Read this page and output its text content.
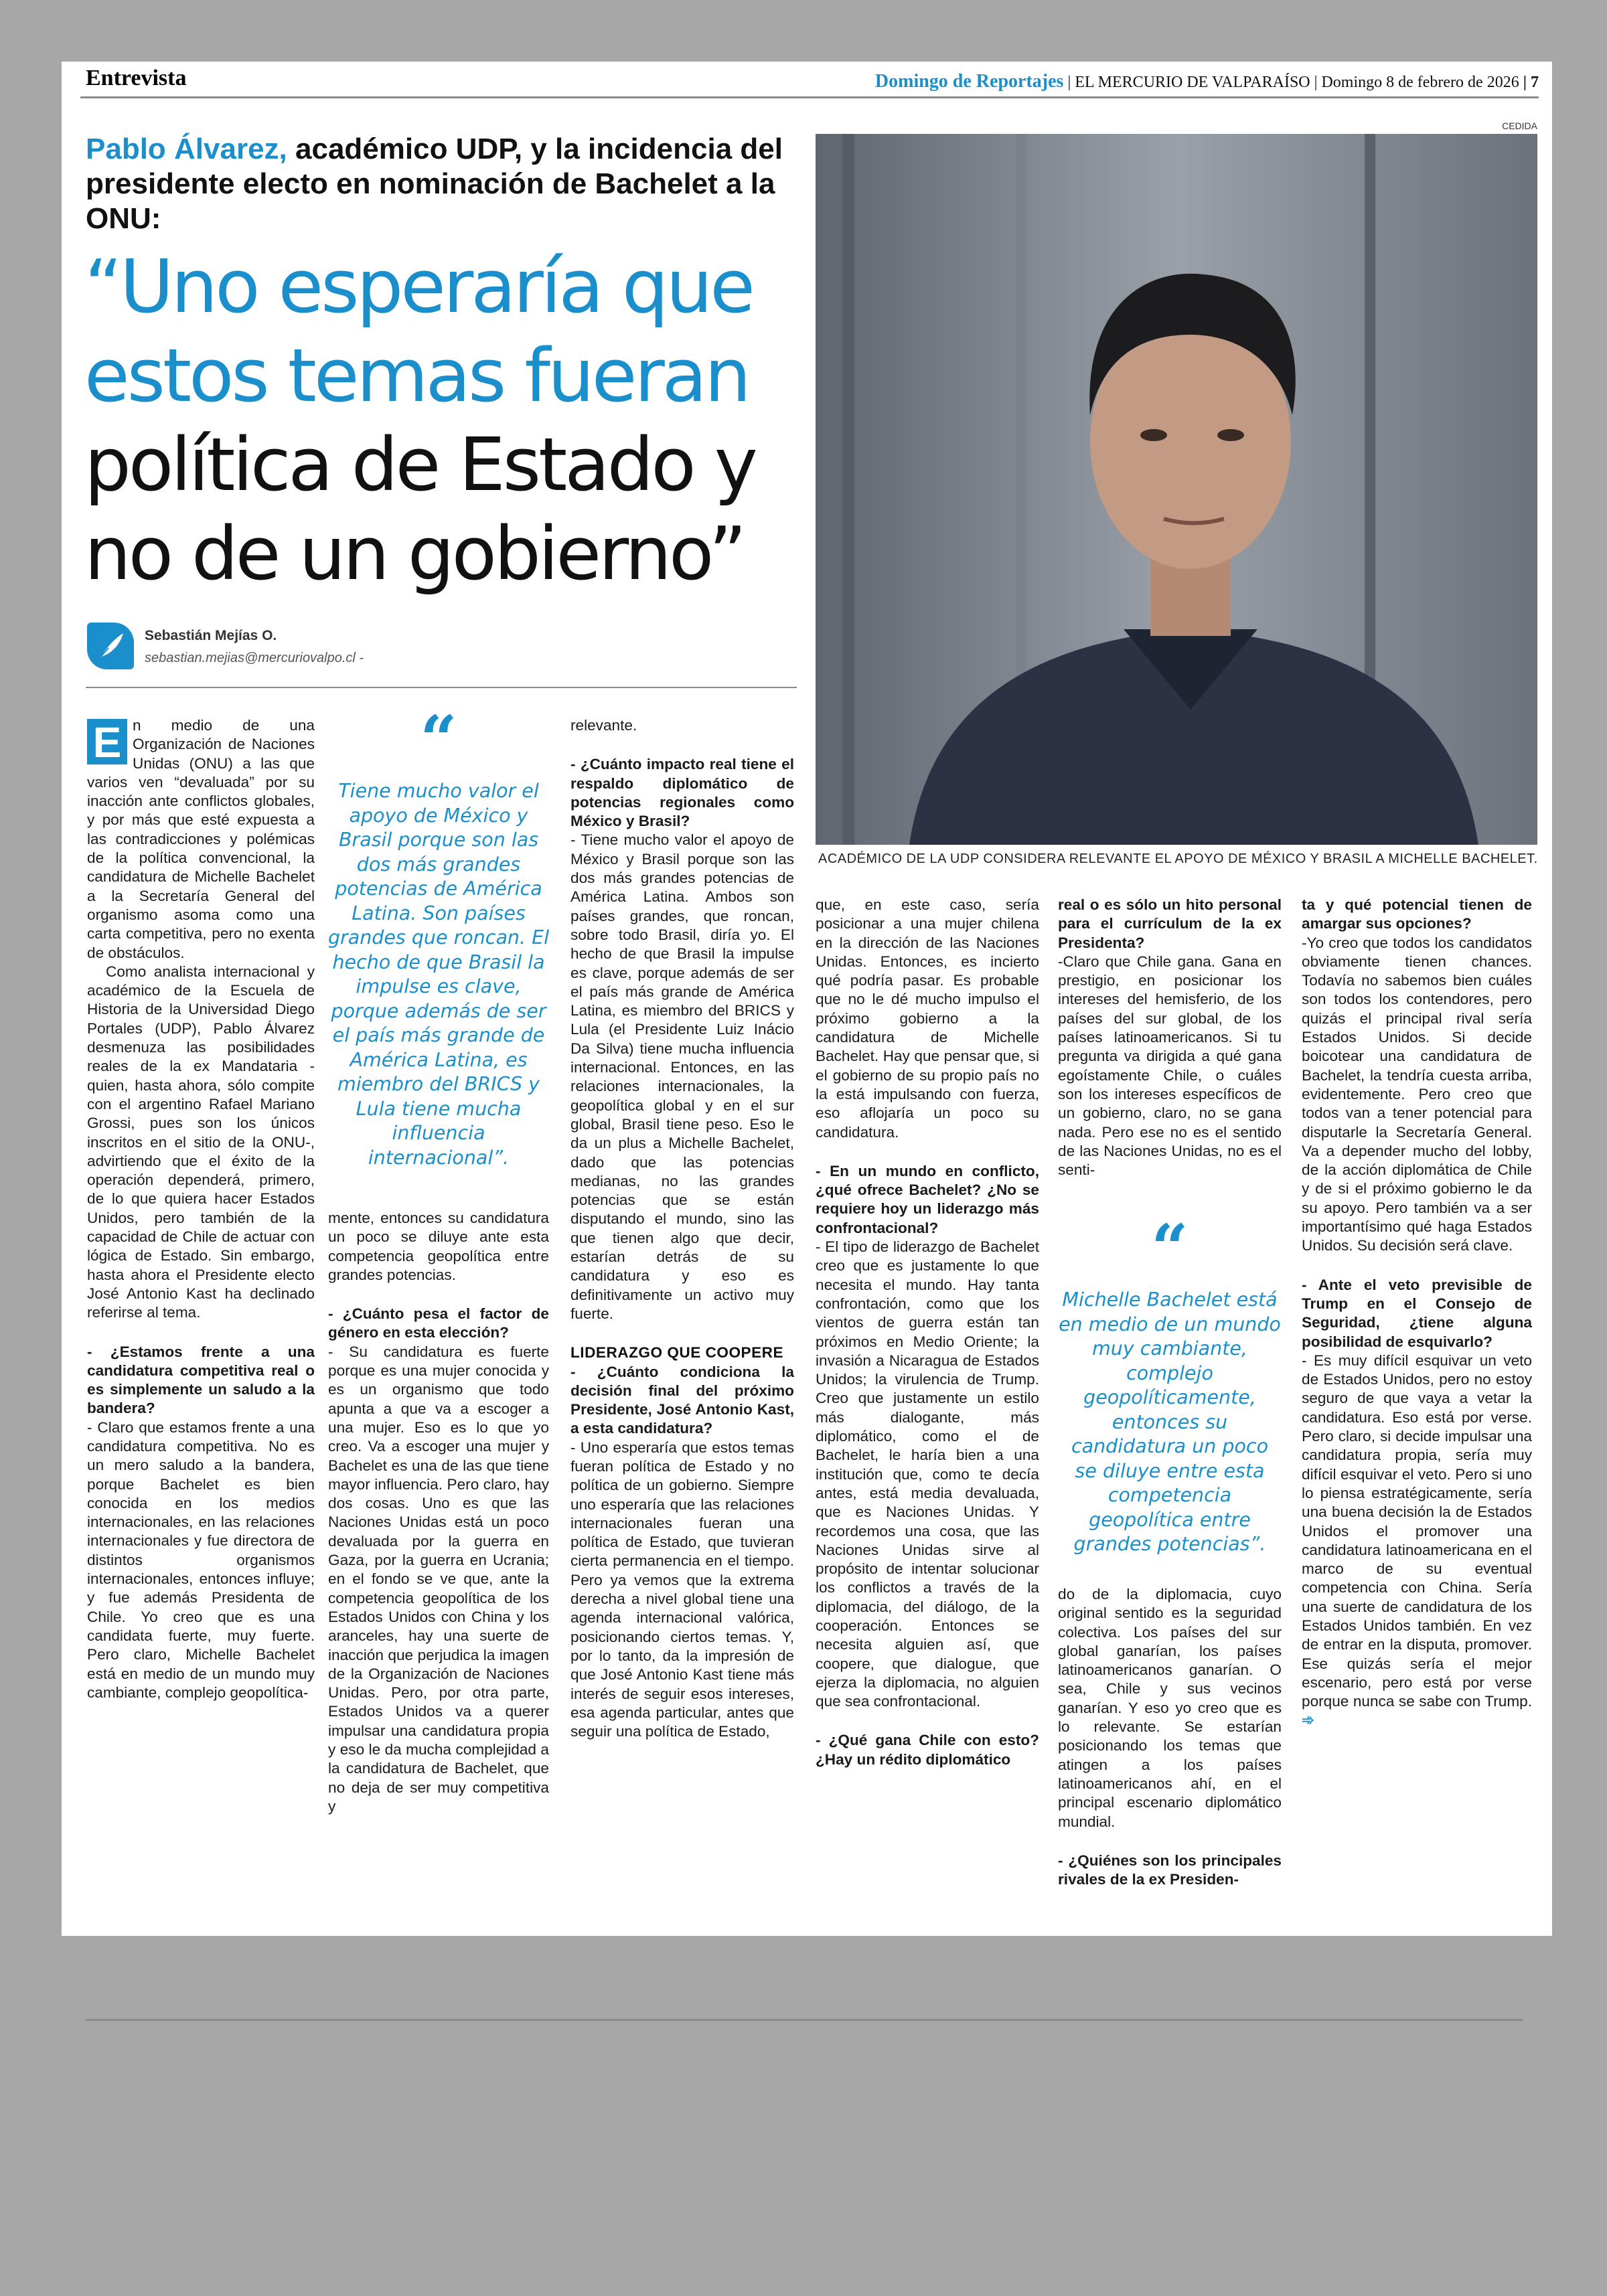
Entrevista	Domingo de Reportajes | EL MERCURIO DE VALPARAÍSO | Domingo 8 de febrero de 2026 | 7
Pablo Álvarez, académico UDP, y la incidencia del presidente electo en nominación de Bachelet a la ONU:
“Uno esperaría que
estos temas fueran
política de Estado y
no de un gobierno”
Sebastián Mejías O.
sebastian.mejias@mercuriovalpo.cl -
CEDIDA
ACADÉMICO DE LA UDP CONSIDERA RELEVANTE EL APOYO DE MÉXICO Y BRASIL A MICHELLE BACHELET.

E n medio de una Organización de Naciones Unidas (ONU) a las que varios ven “devaluada” por su inacción ante conflictos globales, y por más que esté expuesta a las contradicciones y polémicas de la política convencional, la candidatura de Michelle Bachelet a la Secretaría General del organismo asoma como una carta competitiva, pero no exenta de obstáculos.

Como analista internacional y académico de la Escuela de Historia de la Universidad Diego Portales (UDP), Pablo Álvarez desmenuza las posibilidades reales de la ex Mandataria -quien, hasta ahora, sólo compite con el argentino Rafael Mariano Grossi, pues son los únicos inscritos en el sitio de la ONU-, advirtiendo que el éxito de la operación dependerá, primero, de lo que quiera hacer Estados Unidos, pero también de la capacidad de Chile de actuar con lógica de Estado. Sin embargo, hasta ahora el Presidente electo José Antonio Kast ha declinado referirse al tema.

- ¿Estamos frente a una candidatura competitiva real o es simplemente un saludo a la bandera?

- Claro que estamos frente a una candidatura competitiva. No es un mero saludo a la bandera, porque Bachelet es bien conocida en los medios internacionales, en las relaciones internacionales y fue directora de distintos organismos internacionales, entonces influye; y fue además Presidenta de Chile. Yo creo que es una candidata fuerte, muy fuerte. Pero claro, Michelle Bachelet está en medio de un mundo muy cambiante, complejo geopolítica-

“
Tiene mucho valor el apoyo de México y Brasil porque son las dos más grandes potencias de América Latina. Son países grandes que roncan. El hecho de que Brasil la impulse es clave, porque además de ser el país más grande de América Latina, es miembro del BRICS y Lula tiene mucha influencia internacional”.

mente, entonces su candidatura un poco se diluye ante esta competencia geopolítica entre grandes potencias.

- ¿Cuánto pesa el factor de género en esta elección?

- Su candidatura es fuerte porque es una mujer conocida y es un organismo que todo apunta a que va a escoger a una mujer. Eso es lo que yo creo. Va a escoger una mujer y Bachelet es una de las que tiene mayor influencia. Pero claro, hay dos cosas. Uno es que las Naciones Unidas está un poco devaluada por la guerra en Gaza, por la guerra en Ucrania; en el fondo se ve que, ante la competencia geopolítica de los Estados Unidos con China y los aranceles, hay una suerte de inacción que perjudica la imagen de la Organización de Naciones Unidas. Pero, por otra parte, Estados Unidos va a querer impulsar una candidatura propia y eso le da mucha complejidad a la candidatura de Bachelet, que no deja de ser muy competitiva y

relevante.

- ¿Cuánto impacto real tiene el respaldo diplomático de potencias regionales como México y Brasil?

- Tiene mucho valor el apoyo de México y Brasil porque son las dos más grandes potencias de América Latina. Ambos son países grandes, que roncan, sobre todo Brasil, diría yo. El hecho de que Brasil la impulse es clave, porque además de ser el país más grande de América Latina, es miembro del BRICS y Lula (el Presidente Luiz Inácio Da Silva) tiene mucha influencia internacional. Entonces, en las relaciones internacionales, la geopolítica global y en el sur global, Brasil tiene peso. Eso le da un plus a Michelle Bachelet, dado que las potencias medianas, no las grandes potencias que se están disputando el mundo, sino las que tienen algo que decir, estarían detrás de su candidatura y eso es definitivamente un activo muy fuerte.

LIDERAZGO QUE COOPERE

- ¿Cuánto condiciona la decisión final del próximo Presidente, José Antonio Kast, a esta candidatura?

- Uno esperaría que estos temas fueran política de Estado y no política de un gobierno. Siempre uno esperaría que las relaciones internacionales fueran una política de Estado, que tuvieran cierta permanencia en el tiempo. Pero ya vemos que la extrema derecha a nivel global tiene una agenda internacional valórica, posicionando ciertos temas. Y, por lo tanto, da la impresión de que José Antonio Kast tiene más interés de seguir esos intereses, esa agenda particular, antes que seguir una política de Estado,

que, en este caso, sería posicionar a una mujer chilena en la dirección de las Naciones Unidas. Entonces, es incierto qué podría pasar. Es probable que no le dé mucho impulso el próximo gobierno a la candidatura de Michelle Bachelet. Hay que pensar que, si el gobierno de su propio país no la está impulsando con fuerza, eso aflojaría un poco su candidatura.

- En un mundo en conflicto, ¿qué ofrece Bachelet? ¿No se requiere hoy un liderazgo más confrontacional?

- El tipo de liderazgo de Bachelet creo que es justamente lo que necesita el mundo. Hay tanta confrontación, como que los vientos de guerra están tan próximos en Medio Oriente; la invasión a Nicaragua de Estados Unidos; la virulencia de Trump. Creo que justamente un estilo más dialogante, más diplomático, como el de Bachelet, le haría bien a una institución que, como te decía antes, está media devaluada, que es Naciones Unidas. Y recordemos una cosa, que las Naciones Unidas sirve al propósito de intentar solucionar los conflictos a través de la diplomacia, del diálogo, de la cooperación. Entonces se necesita alguien así, que coopere, que dialogue, que ejerza la diplomacia, no alguien que sea confrontacional.

- ¿Qué gana Chile con esto? ¿Hay un rédito diplomático

real o es sólo un hito personal para el currículum de la ex Presidenta?

-Claro que Chile gana. Gana en prestigio, en posicionar los intereses del hemisferio, de los países del sur global, de los países latinoamericanos. Si tu pregunta va dirigida a qué gana egoístamente Chile, o cuáles son los intereses específicos de un gobierno, claro, no se gana nada. Pero ese no es el sentido de las Naciones Unidas, no es el senti-

“
Michelle Bachelet está en medio de un mundo muy cambiante, complejo geopolíticamente, entonces su candidatura un poco se diluye entre esta competencia geopolítica entre grandes potencias”.

do de la diplomacia, cuyo original sentido es la seguridad colectiva. Los países del sur global ganarían, los países latinoamericanos ganarían. O sea, Chile y sus vecinos ganarían. Y eso yo creo que es lo relevante. Se estarían posicionando los temas que atingen a los países latinoamericanos ahí, en el principal escenario diplomático mundial.

- ¿Quiénes son los principales rivales de la ex Presiden-

ta y qué potencial tienen de amargar sus opciones?

-Yo creo que todos los candidatos obviamente tienen chances. Todavía no sabemos bien cuáles son todos los contendores, pero quizás el principal rival sería Estados Unidos. Si decide boicotear una candidatura de Bachelet, la tendría cuesta arriba, evidentemente. Pero creo que todos van a tener potencial para disputarle la Secretaría General. Va a depender mucho del lobby, de la acción diplomática de Chile y de si el próximo gobierno le da su apoyo. Pero también va a ser importantísimo qué haga Estados Unidos. Su decisión será clave.

- Ante el veto previsible de Trump en el Consejo de Seguridad, ¿tiene alguna posibilidad de esquivarlo?

- Es muy difícil esquivar un veto de Estados Unidos, pero no estoy seguro de que vaya a vetar la candidatura. Eso está por verse. Pero claro, si decide impulsar una candidatura propia, sería muy difícil esquivar el veto. Pero si uno lo piensa estratégicamente, sería una buena decisión la de Estados Unidos el promover una candidatura latinoamericana en el marco de su eventual competencia con China. Sería una suerte de candidatura de los Estados Unidos también. En vez de entrar en la disputa, promover. Ese quizás sería el mejor escenario, pero está por verse porque nunca se sabe con Trump. ➾
